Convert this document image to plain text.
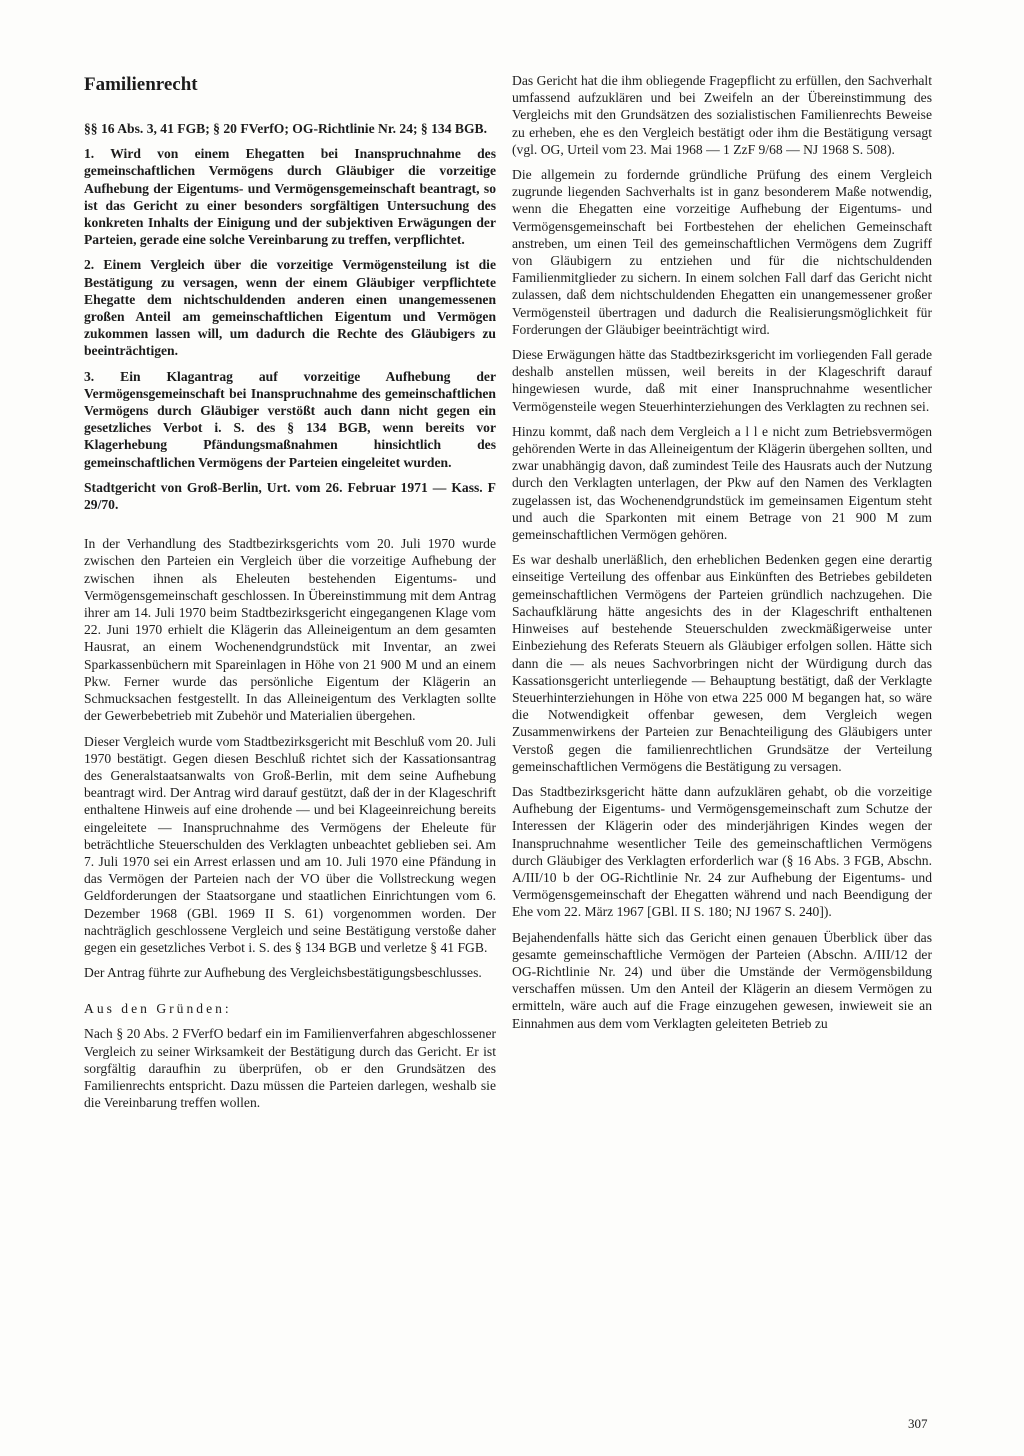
Familienrecht

§§ 16 Abs. 3, 41 FGB; § 20 FVerfO; OG-Richtlinie Nr. 24; § 134 BGB.

1. Wird von einem Ehegatten bei Inanspruchnahme des gemeinschaftlichen Vermögens durch Gläubiger die vorzeitige Aufhebung der Eigentums- und Vermögensgemeinschaft beantragt, so ist das Gericht zu einer besonders sorgfältigen Untersuchung des konkreten Inhalts der Einigung und der subjektiven Erwägungen der Parteien, gerade eine solche Vereinbarung zu treffen, verpflichtet.

2. Einem Vergleich über die vorzeitige Vermögensteilung ist die Bestätigung zu versagen, wenn der einem Gläubiger verpflichtete Ehegatte dem nichtschuldenden anderen einen unangemessenen großen Anteil am gemeinschaftlichen Eigentum und Vermögen zukommen lassen will, um dadurch die Rechte des Gläubigers zu beeinträchtigen.

3. Ein Klagantrag auf vorzeitige Aufhebung der Vermögensgemeinschaft bei Inanspruchnahme des gemeinschaftlichen Vermögens durch Gläubiger verstößt auch dann nicht gegen ein gesetzliches Verbot i. S. des § 134 BGB, wenn bereits vor Klagerhebung Pfändungsmaßnahmen hinsichtlich des gemeinschaftlichen Vermögens der Parteien eingeleitet wurden.

Stadtgericht von Groß-Berlin, Urt. vom 26. Februar 1971 — Kass. F 29/70.

In der Verhandlung des Stadtbezirksgerichts vom 20. Juli 1970 wurde zwischen den Parteien ein Vergleich über die vorzeitige Aufhebung der zwischen ihnen als Eheleuten bestehenden Eigentums- und Vermögensgemeinschaft geschlossen. In Übereinstimmung mit dem Antrag ihrer am 14. Juli 1970 beim Stadtbezirksgericht eingegangenen Klage vom 22. Juni 1970 erhielt die Klägerin das Alleineigentum an dem gesamten Hausrat, an einem Wochenendgrundstück mit Inventar, an zwei Sparkassenbüchern mit Spareinlagen in Höhe von 21 900 M und an einem Pkw. Ferner wurde das persönliche Eigentum der Klägerin an Schmucksachen festgestellt. In das Alleineigentum des Verklagten sollte der Gewerbebetrieb mit Zubehör und Materialien übergehen.

Dieser Vergleich wurde vom Stadtbezirksgericht mit Beschluß vom 20. Juli 1970 bestätigt. Gegen diesen Beschluß richtet sich der Kassationsantrag des Generalstaatsanwalts von Groß-Berlin, mit dem seine Aufhebung beantragt wird. Der Antrag wird darauf gestützt, daß der in der Klageschrift enthaltene Hinweis auf eine drohende — und bei Klageeinreichung bereits eingeleitete — Inanspruchnahme des Vermögens der Eheleute für beträchtliche Steuerschulden des Verklagten unbeachtet geblieben sei. Am 7. Juli 1970 sei ein Arrest erlassen und am 10. Juli 1970 eine Pfändung in das Vermögen der Parteien nach der VO über die Vollstreckung wegen Geldforderungen der Staatsorgane und staatlichen Einrichtungen vom 6. Dezember 1968 (GBl. 1969 II S. 61) vorgenommen worden. Der nachträglich geschlossene Vergleich und seine Bestätigung verstoße daher gegen ein gesetzliches Verbot i. S. des § 134 BGB und verletze § 41 FGB.

Der Antrag führte zur Aufhebung des Vergleichsbestätigungsbeschlusses.

Aus den Gründen:

Nach § 20 Abs. 2 FVerfO bedarf ein im Familienverfahren abgeschlossener Vergleich zu seiner Wirksamkeit der Bestätigung durch das Gericht. Er ist sorgfältig daraufhin zu überprüfen, ob er den Grundsätzen des Familienrechts entspricht. Dazu müssen die Parteien darlegen, weshalb sie die Vereinbarung treffen wollen.

Das Gericht hat die ihm obliegende Fragepflicht zu erfüllen, den Sachverhalt umfassend aufzuklären und bei Zweifeln an der Übereinstimmung des Vergleichs mit den Grundsätzen des sozialistischen Familienrechts Beweise zu erheben, ehe es den Vergleich bestätigt oder ihm die Bestätigung versagt (vgl. OG, Urteil vom 23. Mai 1968 — 1 ZzF 9/68 — NJ 1968 S. 508).

Die allgemein zu fordernde gründliche Prüfung des einem Vergleich zugrunde liegenden Sachverhalts ist in ganz besonderem Maße notwendig, wenn die Ehegatten eine vorzeitige Aufhebung der Eigentums- und Vermögensgemeinschaft bei Fortbestehen der ehelichen Gemeinschaft anstreben, um einen Teil des gemeinschaftlichen Vermögens dem Zugriff von Gläubigern zu entziehen und für die nichtschuldenden Familienmitglieder zu sichern. In einem solchen Fall darf das Gericht nicht zulassen, daß dem nichtschuldenden Ehegatten ein unangemessener großer Vermögensteil übertragen und dadurch die Realisierungsmöglichkeit für Forderungen der Gläubiger beeinträchtigt wird.

Diese Erwägungen hätte das Stadtbezirksgericht im vorliegenden Fall gerade deshalb anstellen müssen, weil bereits in der Klageschrift darauf hingewiesen wurde, daß mit einer Inanspruchnahme wesentlicher Vermögensteile wegen Steuerhinterziehungen des Verklagten zu rechnen sei.

Hinzu kommt, daß nach dem Vergleich a l l e nicht zum Betriebsvermögen gehörenden Werte in das Alleineigentum der Klägerin übergehen sollten, und zwar unabhängig davon, daß zumindest Teile des Hausrats auch der Nutzung durch den Verklagten unterlagen, der Pkw auf den Namen des Verklagten zugelassen ist, das Wochenendgrundstück im gemeinsamen Eigentum steht und auch die Sparkonten mit einem Betrage von 21 900 M zum gemeinschaftlichen Vermögen gehören.

Es war deshalb unerläßlich, den erheblichen Bedenken gegen eine derartig einseitige Verteilung des offenbar aus Einkünften des Betriebes gebildeten gemeinschaftlichen Vermögens der Parteien gründlich nachzugehen. Die Sachaufklärung hätte angesichts des in der Klageschrift enthaltenen Hinweises auf bestehende Steuerschulden zweckmäßigerweise unter Einbeziehung des Referats Steuern als Gläubiger erfolgen sollen. Hätte sich dann die — als neues Sachvorbringen nicht der Würdigung durch das Kassationsgericht unterliegende — Behauptung bestätigt, daß der Verklagte Steuerhinterziehungen in Höhe von etwa 225 000 M begangen hat, so wäre die Notwendigkeit offenbar gewesen, dem Vergleich wegen Zusammenwirkens der Parteien zur Benachteiligung des Gläubigers unter Verstoß gegen die familienrechtlichen Grundsätze der Verteilung gemeinschaftlichen Vermögens die Bestätigung zu versagen.

Das Stadtbezirksgericht hätte dann aufzuklären gehabt, ob die vorzeitige Aufhebung der Eigentums- und Vermögensgemeinschaft zum Schutze der Interessen der Klägerin oder des minderjährigen Kindes wegen der Inanspruchnahme wesentlicher Teile des gemeinschaftlichen Vermögens durch Gläubiger des Verklagten erforderlich war (§ 16 Abs. 3 FGB, Abschn. A/III/10 b der OG-Richtlinie Nr. 24 zur Aufhebung der Eigentums- und Vermögensgemeinschaft der Ehegatten während und nach Beendigung der Ehe vom 22. März 1967 [GBl. II S. 180; NJ 1967 S. 240]).

Bejahendenfalls hätte sich das Gericht einen genauen Überblick über das gesamte gemeinschaftliche Vermögen der Parteien (Abschn. A/III/12 der OG-Richtlinie Nr. 24) und über die Umstände der Vermögensbildung verschaffen müssen. Um den Anteil der Klägerin an diesem Vermögen zu ermitteln, wäre auch auf die Frage einzugehen gewesen, inwieweit sie an Einnahmen aus dem vom Verklagten geleiteten Betrieb zu

307
